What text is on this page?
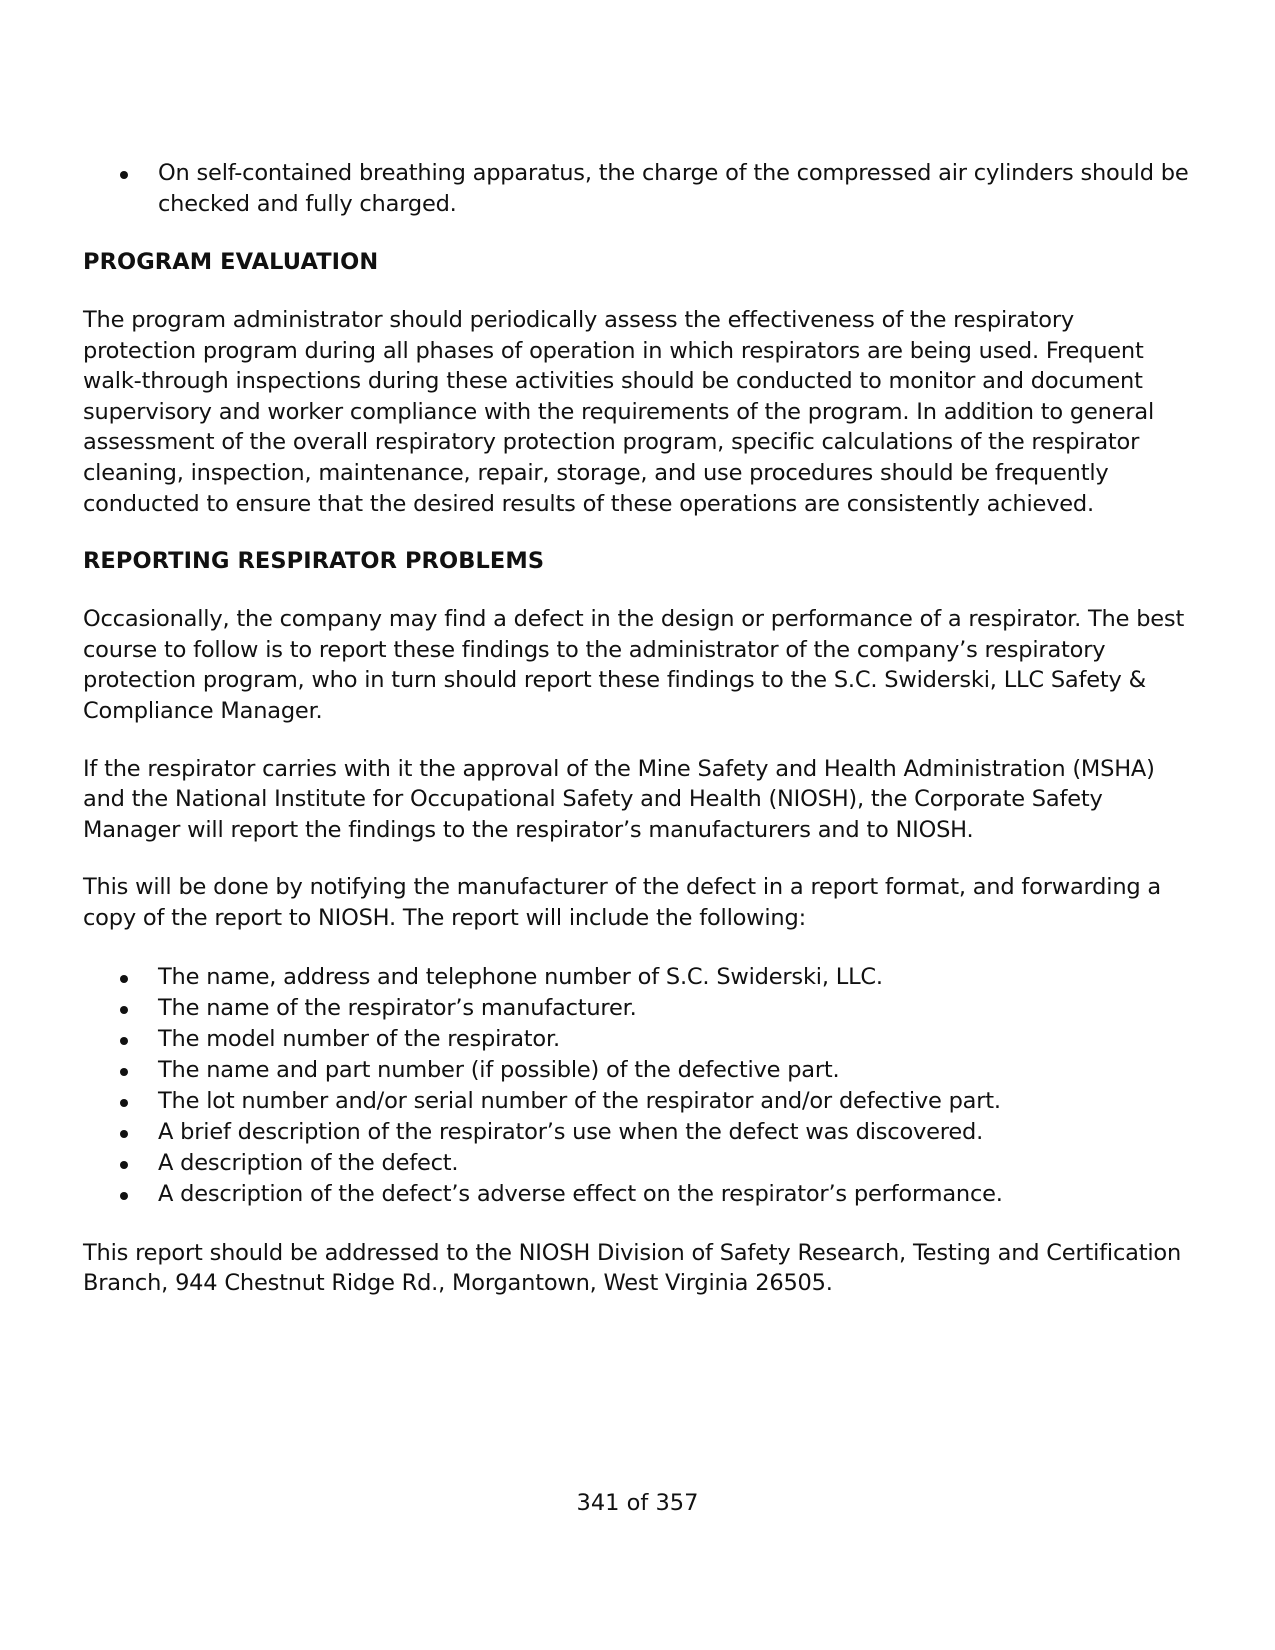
On self-contained breathing apparatus, the charge of the compressed air cylinders should be checked and fully charged.
PROGRAM EVALUATION

The program administrator should periodically assess the effectiveness of the respiratory protection program during all phases of operation in which respirators are being used. Frequent walk-through inspections during these activities should be conducted to monitor and document supervisory and worker compliance with the requirements of the program. In addition to general assessment of the overall respiratory protection program, specific calculations of the respirator cleaning, inspection, maintenance, repair, storage, and use procedures should be frequently conducted to ensure that the desired results of these operations are consistently achieved.

REPORTING RESPIRATOR PROBLEMS

Occasionally, the company may find a defect in the design or performance of a respirator. The best course to follow is to report these findings to the administrator of the company’s respiratory protection program, who in turn should report these findings to the S.C. Swiderski, LLC Safety & Compliance Manager.

If the respirator carries with it the approval of the Mine Safety and Health Administration (MSHA) and the National Institute for Occupational Safety and Health (NIOSH), the Corporate Safety Manager will report the findings to the respirator’s manufacturers and to NIOSH.

This will be done by notifying the manufacturer of the defect in a report format, and forwarding a copy of the report to NIOSH. The report will include the following:

The name, address and telephone number of S.C. Swiderski, LLC.
The name of the respirator’s manufacturer.
The model number of the respirator.
The name and part number (if possible) of the defective part.
The lot number and/or serial number of the respirator and/or defective part.
A brief description of the respirator’s use when the defect was discovered.
A description of the defect.
A description of the defect’s adverse effect on the respirator’s performance.

This report should be addressed to the NIOSH Division of Safety Research, Testing and Certification Branch, 944 Chestnut Ridge Rd., Morgantown, West Virginia 26505.

341 of 357
